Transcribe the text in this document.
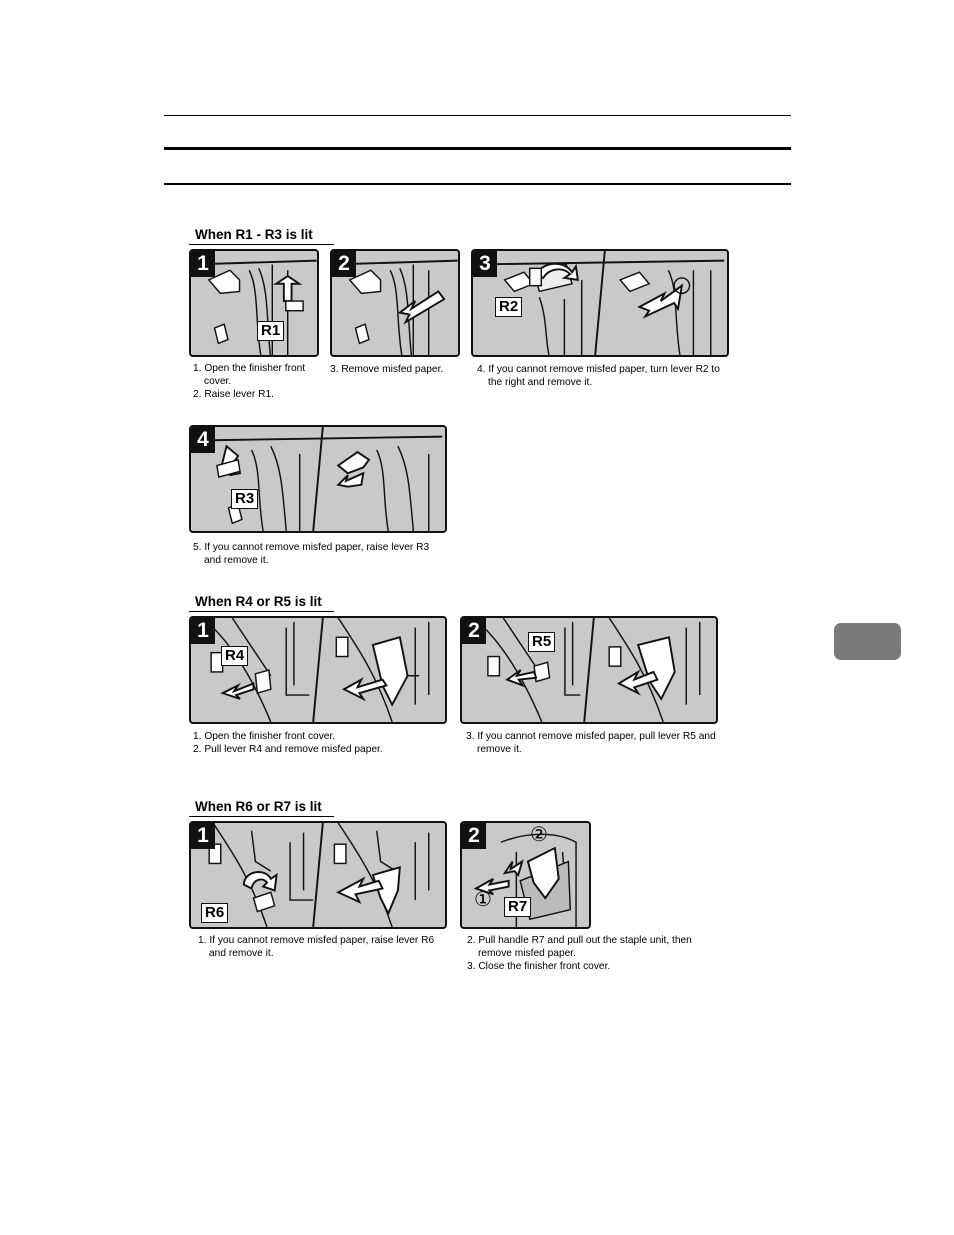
When R1 - R3 is lit
1
R1
2	3
R2

1. Open the finisher front cover.

2. Raise lever R1.

3. Remove misfed paper.	4. If you cannot remove misfed paper, turn lever R2 to the right and remove it.

4
R3

5. If you cannot remove misfed paper, raise lever R3 and remove it.

When R4 or R5 is lit
1
R4
2	R5

1. Open the finisher front cover.

2. Pull lever R4 and remove misfed paper.

3. If you cannot remove misfed paper, pull lever R5 and remove it.

When R6 or R7 is lit
1
R6
2
R7
②
①

1. If you cannot remove misfed paper, raise lever R6 and remove it.

2. Pull handle R7 and pull out the staple unit, then remove misfed paper.

3. Close the finisher front cover.
